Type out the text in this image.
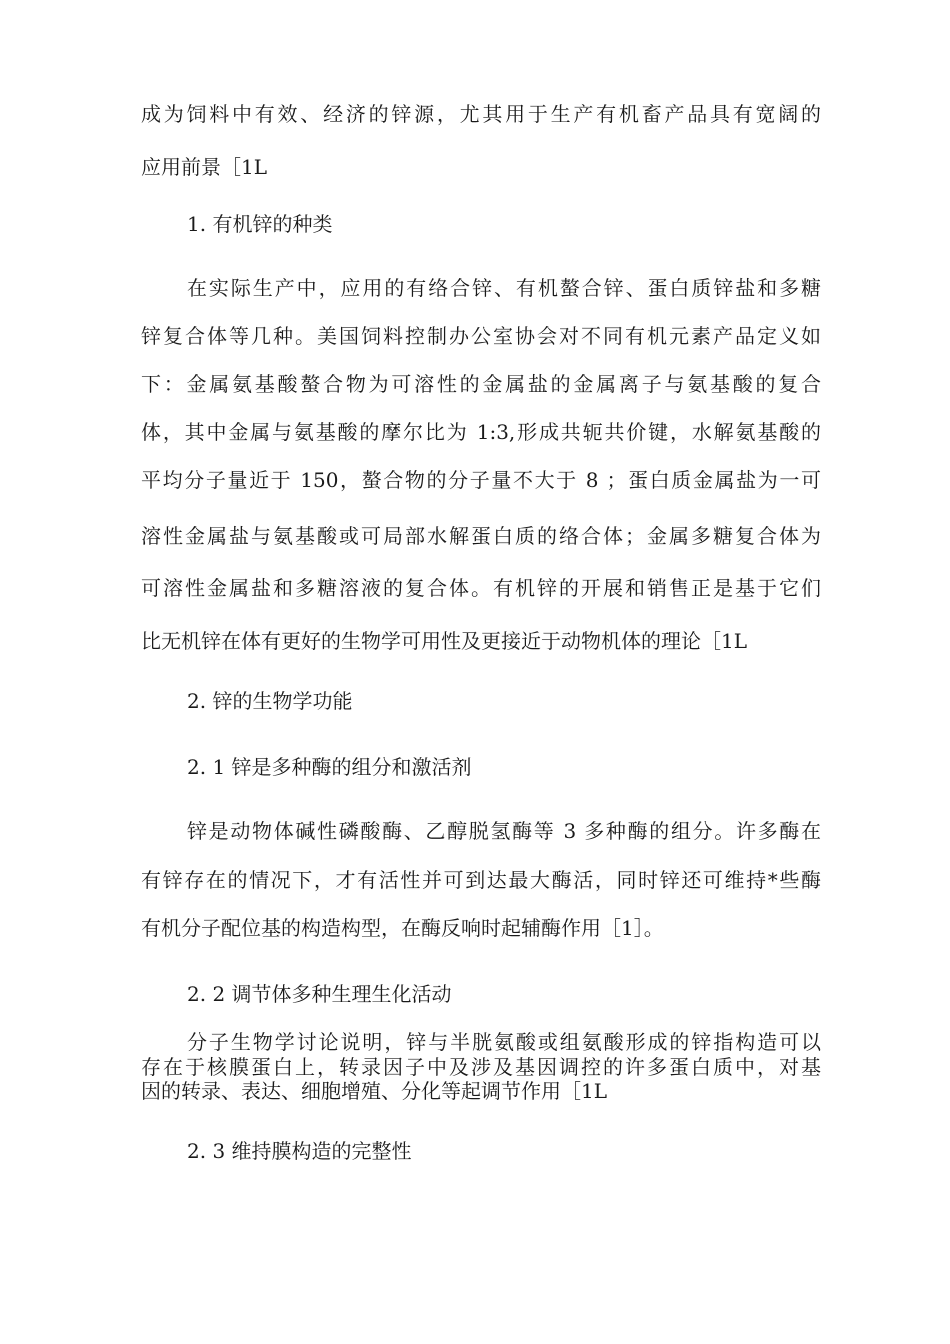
成为饲料中有效、经济的锌源，尤其用于生产有机畜产品具有宽阔的
应用前景［1L
1. 有机锌的种类
在实际生产中，应用的有络合锌、有机螯合锌、蛋白质锌盐和多糖
锌复合体等几种。美国饲料控制办公室协会对不同有机元素产品定义如
下：金属氨基酸螯合物为可溶性的金属盐的金属离子与氨基酸的复合
体，其中金属与氨基酸的摩尔比为 1:3,形成共轭共价键，水解氨基酸的
平均分子量近于 150，螯合物的分子量不大于 8 ；蛋白质金属盐为一可
溶性金属盐与氨基酸或可局部水解蛋白质的络合体；金属多糖复合体为
可溶性金属盐和多糖溶液的复合体。有机锌的开展和销售正是基于它们
比无机锌在体有更好的生物学可用性及更接近于动物机体的理论［1L
2. 锌的生物学功能
2. 1 锌是多种酶的组分和激活剂
锌是动物体碱性磷酸酶、乙醇脱氢酶等 3 多种酶的组分。许多酶在
有锌存在的情况下，才有活性并可到达最大酶活，同时锌还可维持*些酶
有机分子配位基的构造构型，在酶反响时起辅酶作用［1］。
2. 2 调节体多种生理生化活动
分子生物学讨论说明，锌与半胱氨酸或组氨酸形成的锌指构造可以
存在于核膜蛋白上，转录因子中及涉及基因调控的许多蛋白质中，对基
因的转录、表达、细胞增殖、分化等起调节作用［1L
2. 3 维持膜构造的完整性
